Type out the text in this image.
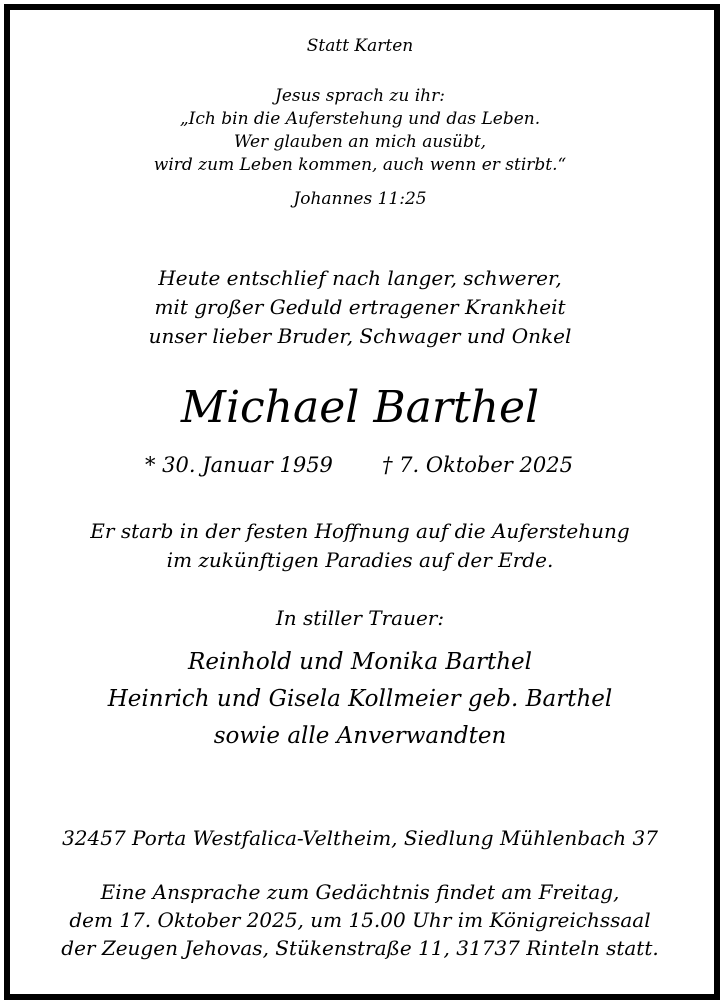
Statt Karten
Jesus sprach zu ihr:
„Ich bin die Auferstehung und das Leben.
Wer glauben an mich ausübt,
wird zum Leben kommen, auch wenn er stirbt.“
Johannes 11:25
Heute entschlief nach langer, schwerer,
mit großer Geduld ertragener Krankheit
unser lieber Bruder, Schwager und Onkel
Michael Barthel
* 30. Januar 1959 † 7. Oktober 2025
Er starb in der festen Hoffnung auf die Auferstehung
im zukünftigen Paradies auf der Erde.
In stiller Trauer:
Reinhold und Monika Barthel
Heinrich und Gisela Kollmeier geb. Barthel
sowie alle Anverwandten
32457 Porta Westfalica-Veltheim, Siedlung Mühlenbach 37
Eine Ansprache zum Gedächtnis findet am Freitag,
dem 17. Oktober 2025, um 15.00 Uhr im Königreichssaal
der Zeugen Jehovas, Stükenstraße 11, 31737 Rinteln statt.
